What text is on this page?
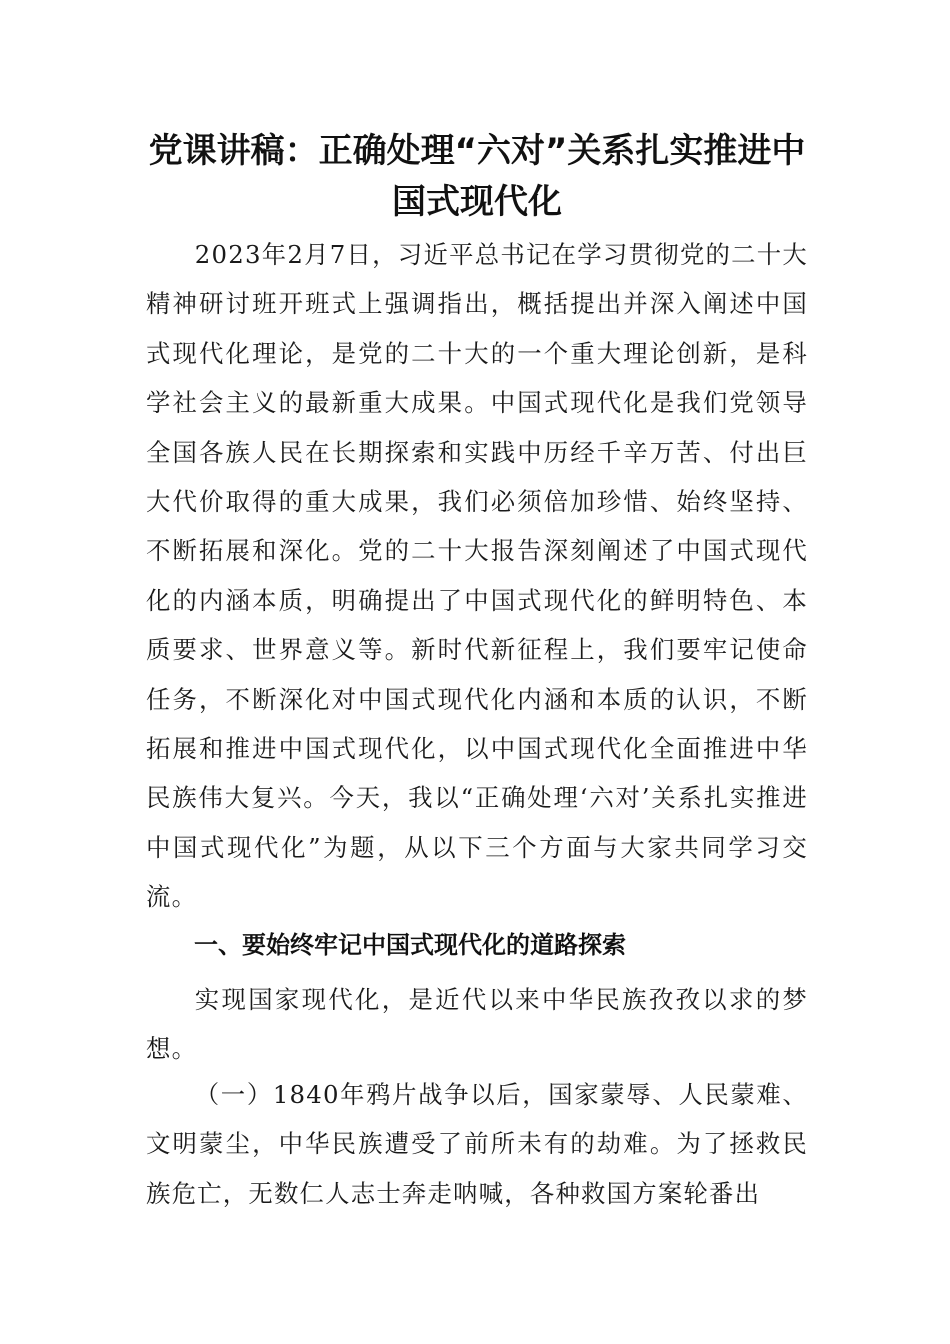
党课讲稿：正确处理“六对”关系扎实推进中国式现代化

2023年2月7日，习近平总书记在学习贯彻党的二十大精神研讨班开班式上强调指出，概括提出并深入阐述中国式现代化理论，是党的二十大的一个重大理论创新，是科学社会主义的最新重大成果。中国式现代化是我们党领导全国各族人民在长期探索和实践中历经千辛万苦、付出巨大代价取得的重大成果，我们必须倍加珍惜、始终坚持、不断拓展和深化。党的二十大报告深刻阐述了中国式现代化的内涵本质，明确提出了中国式现代化的鲜明特色、本质要求、世界意义等。新时代新征程上，我们要牢记使命任务，不断深化对中国式现代化内涵和本质的认识，不断拓展和推进中国式现代化，以中国式现代化全面推进中华民族伟大复兴。今天，我以“正确处理‘六对’关系扎实推进中国式现代化”为题，从以下三个方面与大家共同学习交流。

一、要始终牢记中国式现代化的道路探索

实现国家现代化，是近代以来中华民族孜孜以求的梦想。

（一）1840年鸦片战争以后，国家蒙辱、人民蒙难、文明蒙尘，中华民族遭受了前所未有的劫难。为了拯救民族危亡，无数仁人志士奔走呐喊，各种救国方案轮番出
